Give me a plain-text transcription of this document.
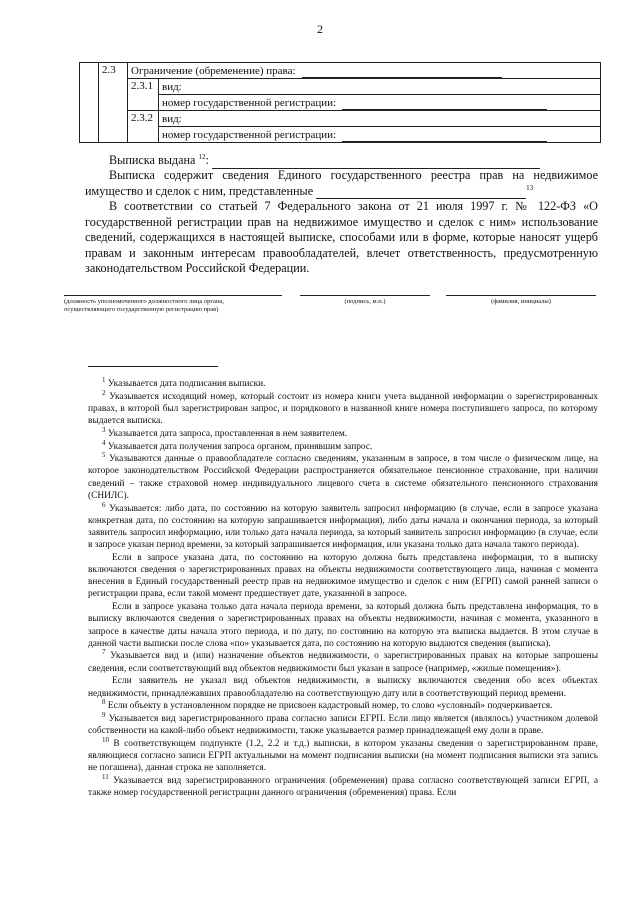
2
	2.3	Ограничение (обременение) права:	
		2.3.1	вид:
			номер государственной регистрации:
		2.3.2	вид:
			номер государственной регистрации:
Выписка выдана $^{12}$:
Выписка содержит сведения Единого государственного реестра прав на недвижимое имущество и сделок с ним, представленные	$^{13}$
В соответствии со статьей 7 Федерального закона от 21 июля 1997 г. № 122-ФЗ «О государственной регистрации прав на недвижимое имущество и сделок с ним» использование сведений, содержащихся в настоящей выписке, способами или в форме, которые наносят ущерб правам и законным интересам правообладателей, влечет ответственность, предусмотренную законодательством Российской Федерации.
(должность уполномоченного должностного лица органа,
осуществляющего государственную регистрацию прав)
(подпись, м.п.)	(фамилия, инициалы)

$^1$ Указывается дата подписания выписки.

$^2$ Указывается исходящий номер, который состоит из номера книги учета выданной информации о зарегистрированных правах, в которой был зарегистрирован запрос, и порядкового в названной книге номера поступившего запроса, по которому выдается выписка.

$^3$ Указывается дата запроса, проставленная в нем заявителем.

$^4$ Указывается дата получения запроса органом, принявшим запрос.

$^5$ Указываются данные о правообладателе согласно сведениям, указанным в запросе, в том числе о физическом лице, на которое законодательством Российской Федерации распространяется обязательное пенсионное страхование, при наличии сведений – также страховой номер индивидуального лицевого счета в системе обязательного пенсионного страхования (СНИЛС).

$^6$ Указывается: либо дата, по состоянию на которую заявитель запросил информацию (в случае, если в запросе указана конкретная дата, по состоянию на которую запрашивается информация), либо даты начала и окончания периода, за который заявитель запросил информацию, или только дата начала периода, за который заявитель запросил информацию (в случае, если в запросе указан период времени, за который запрашивается информация, или указана только дата начала такого периода).

Если в запросе указана дата, по состоянию на которую должна быть представлена информация, то в выписку включаются сведения о зарегистрированных правах на объекты недвижимости соответствующего лица, начиная с момента внесения в Единый государственный реестр прав на недвижимое имущество и сделок с ним (ЕГРП) самой ранней записи о регистрации права, если такой момент предшествует дате, указанной в запросе.

Если в запросе указана только дата начала периода времени, за который должна быть представлена информация, то в выписку включаются сведения о зарегистрированных правах на объекты недвижимости, начиная с момента, указанного в запросе в качестве даты начала этого периода, и по дату, по состоянию на которую эта выписка выдается. В этом случае в данной части выписки после слова «по» указывается дата, по состоянию на которую выдаются сведения (выписка).

$^7$ Указывается вид и (или) назначение объектов недвижимости, о зарегистрированных правах на которые запрошены сведения, если соответствующий вид объектов недвижимости был указан в запросе (например, «жилые помещения»).

Если заявитель не указал вид объектов недвижимости, в выписку включаются сведения обо всех объектах недвижимости, принадлежавших правообладателю на соответствующую дату или в соответствующий период времени.

$^8$ Если объекту в установленном порядке не присвоен кадастровый номер, то слово «условный» подчеркивается.

$^9$ Указывается вид зарегистрированного права согласно записи ЕГРП. Если лицо является (являлось) участником долевой собственности на какой-либо объект недвижимости, также указывается размер принадлежащей ему доли в праве.

$^{10}$ В соответствующем подпункте (1.2, 2.2 и т.д.) выписки, в котором указаны сведения о зарегистрированном праве, являющиеся согласно записи ЕГРП актуальными на момент подписания выписки (на момент подписания выписки эта запись не погашена), данная строка не заполняется.

$^{11}$ Указывается вид зарегистрированного ограничения (обременения) права согласно соответствующей записи ЕГРП, а также номер государственной регистрации данного ограничения (обременения) права. Если
